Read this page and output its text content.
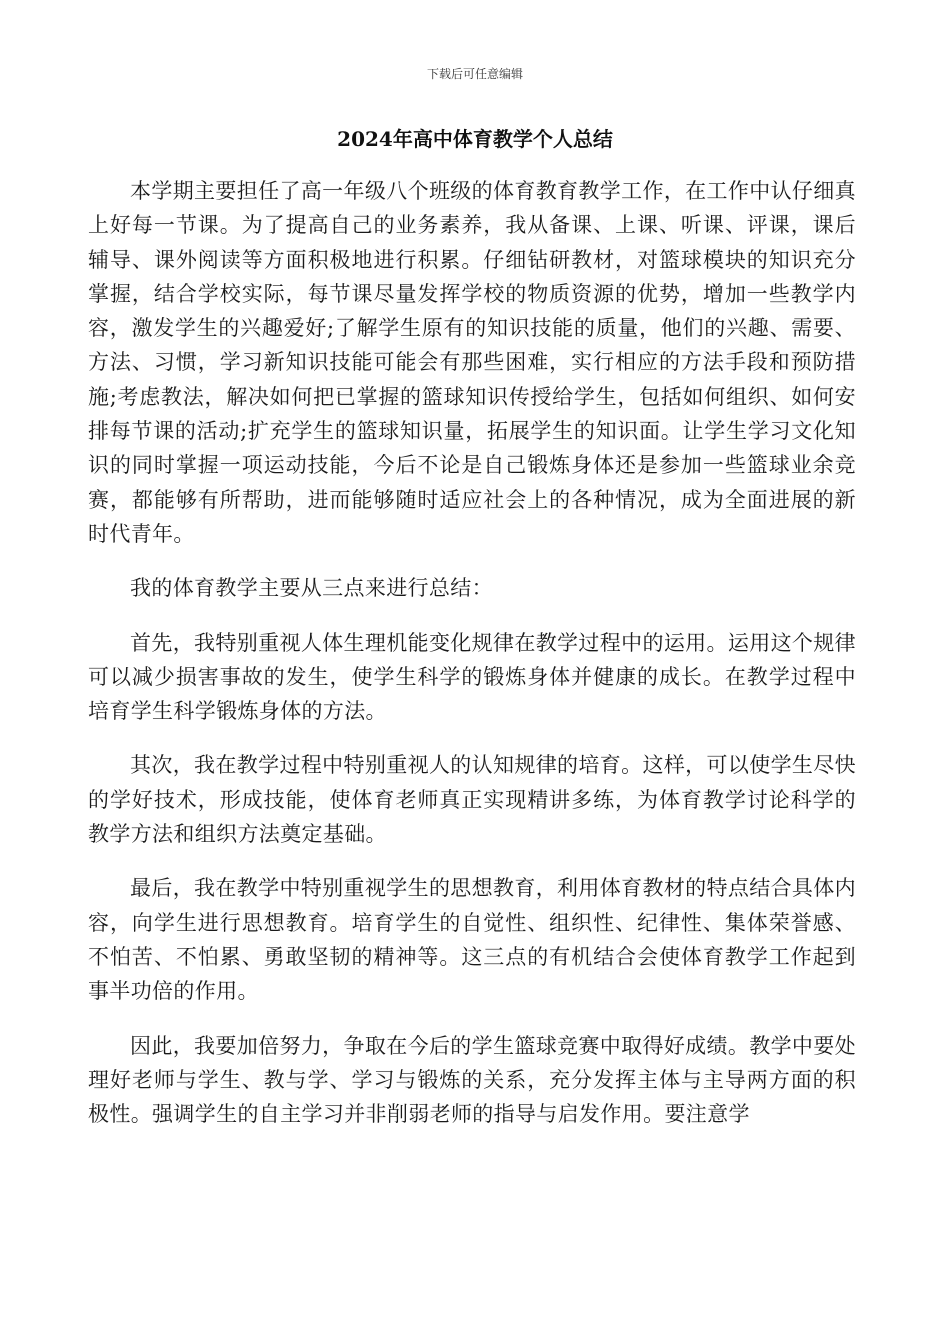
下载后可任意编辑
2024年高中体育教学个人总结

本学期主要担任了高一年级八个班级的体育教育教学工作，在工作中认仔细真上好每一节课。为了提高自己的业务素养，我从备课、上课、听课、评课，课后辅导、课外阅读等方面积极地进行积累。仔细钻研教材，对篮球模块的知识充分掌握，结合学校实际，每节课尽量发挥学校的物质资源的优势，增加一些教学内容，激发学生的兴趣爱好;了解学生原有的知识技能的质量，他们的兴趣、需要、方法、习惯，学习新知识技能可能会有那些困难，实行相应的方法手段和预防措施;考虑教法，解决如何把已掌握的篮球知识传授给学生，包括如何组织、如何安排每节课的活动;扩充学生的篮球知识量，拓展学生的知识面。让学生学习文化知识的同时掌握一项运动技能，今后不论是自己锻炼身体还是参加一些篮球业余竞赛，都能够有所帮助，进而能够随时适应社会上的各种情况，成为全面进展的新时代青年。

我的体育教学主要从三点来进行总结：

首先，我特别重视人体生理机能变化规律在教学过程中的运用。运用这个规律可以减少损害事故的发生，使学生科学的锻炼身体并健康的成长。在教学过程中培育学生科学锻炼身体的方法。

其次，我在教学过程中特别重视人的认知规律的培育。这样，可以使学生尽快的学好技术，形成技能，使体育老师真正实现精讲多练，为体育教学讨论科学的教学方法和组织方法奠定基础。

最后，我在教学中特别重视学生的思想教育，利用体育教材的特点结合具体内容，向学生进行思想教育。培育学生的自觉性、组织性、纪律性、集体荣誉感、不怕苦、不怕累、勇敢坚韧的精神等。这三点的有机结合会使体育教学工作起到事半功倍的作用。

因此，我要加倍努力，争取在今后的学生篮球竞赛中取得好成绩。教学中要处理好老师与学生、教与学、学习与锻炼的关系，充分发挥主体与主导两方面的积极性。强调学生的自主学习并非削弱老师的指导与启发作用。要注意学
